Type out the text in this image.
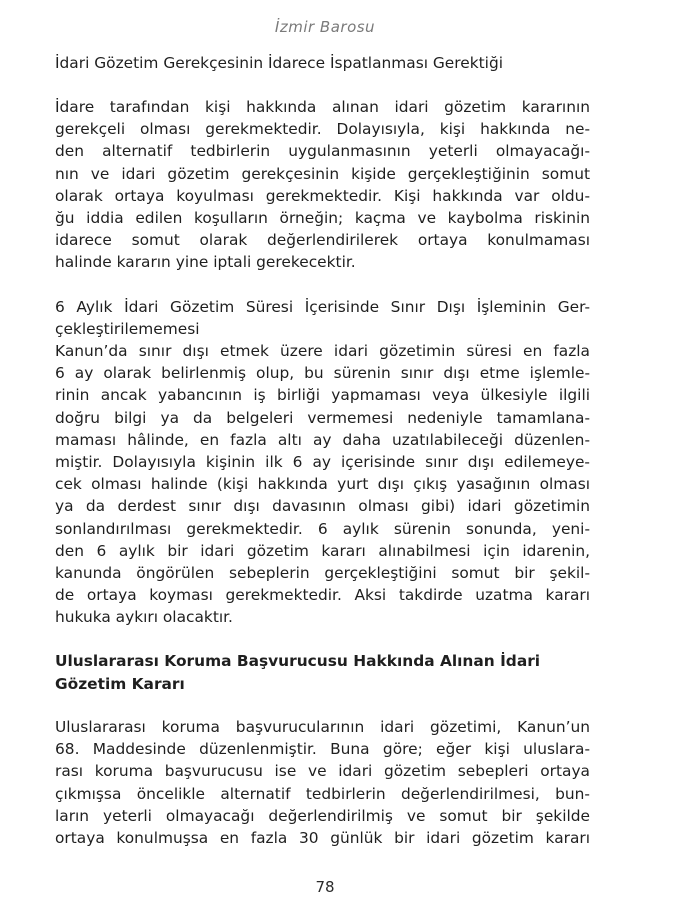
İzmir Barosu
İdari Gözetim Gerekçesinin İdarece İspatlanması Gerektiği
İdare tarafından kişi hakkında alınan idari gözetim kararının
gerekçeli olması gerekmektedir. Dolayısıyla, kişi hakkında ne-
den alternatif tedbirlerin uygulanmasının yeterli olmayacağı-
nın ve idari gözetim gerekçesinin kişide gerçekleştiğinin somut
olarak ortaya koyulması gerekmektedir. Kişi hakkında var oldu-
ğu iddia edilen koşulların örneğin; kaçma ve kaybolma riskinin
idarece somut olarak değerlendirilerek ortaya konulmaması
halinde kararın yine iptali gerekecektir.
6 Aylık İdari Gözetim Süresi İçerisinde Sınır Dışı İşleminin Ger-
çekleştirilememesi
Kanun’da sınır dışı etmek üzere idari gözetimin süresi en fazla
6 ay olarak belirlenmiş olup, bu sürenin sınır dışı etme işlemle-
rinin ancak yabancının iş birliği yapmaması veya ülkesiyle ilgili
doğru bilgi ya da belgeleri vermemesi nedeniyle tamamlana-
maması hâlinde, en fazla altı ay daha uzatılabileceği düzenlen-
miştir. Dolayısıyla kişinin ilk 6 ay içerisinde sınır dışı edilemeye-
cek olması halinde (kişi hakkında yurt dışı çıkış yasağının olması
ya da derdest sınır dışı davasının olması gibi) idari gözetimin
sonlandırılması gerekmektedir. 6 aylık sürenin sonunda, yeni-
den 6 aylık bir idari gözetim kararı alınabilmesi için idarenin,
kanunda öngörülen sebeplerin gerçekleştiğini somut bir şekil-
de ortaya koyması gerekmektedir. Aksi takdirde uzatma kararı
hukuka aykırı olacaktır.
Uluslararası Koruma Başvurucusu Hakkında Alınan İdari
Gözetim Kararı
Uluslararası koruma başvurucularının idari gözetimi, Kanun’un
68. Maddesinde düzenlenmiştir. Buna göre; eğer kişi uluslara-
rası koruma başvurucusu ise ve idari gözetim sebepleri ortaya
çıkmışsa öncelikle alternatif tedbirlerin değerlendirilmesi, bun-
ların yeterli olmayacağı değerlendirilmiş ve somut bir şekilde
ortaya konulmuşsa en fazla 30 günlük bir idari gözetim kararı
78
